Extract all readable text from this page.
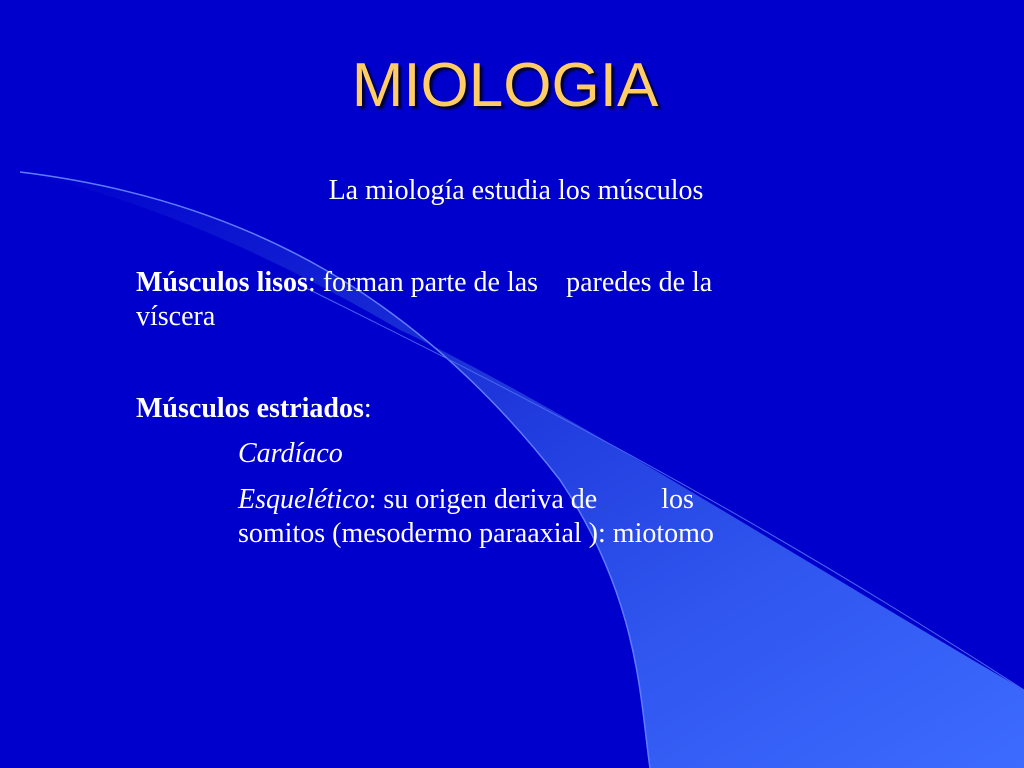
MIOLOGIA

La miología estudia los músculos

Músculos lisos: forman parte de las paredes de la
víscera

Músculos estriados:

Cardíaco

Esquelético: su origen deriva de los
somitos (mesodermo paraaxial ): miotomo
